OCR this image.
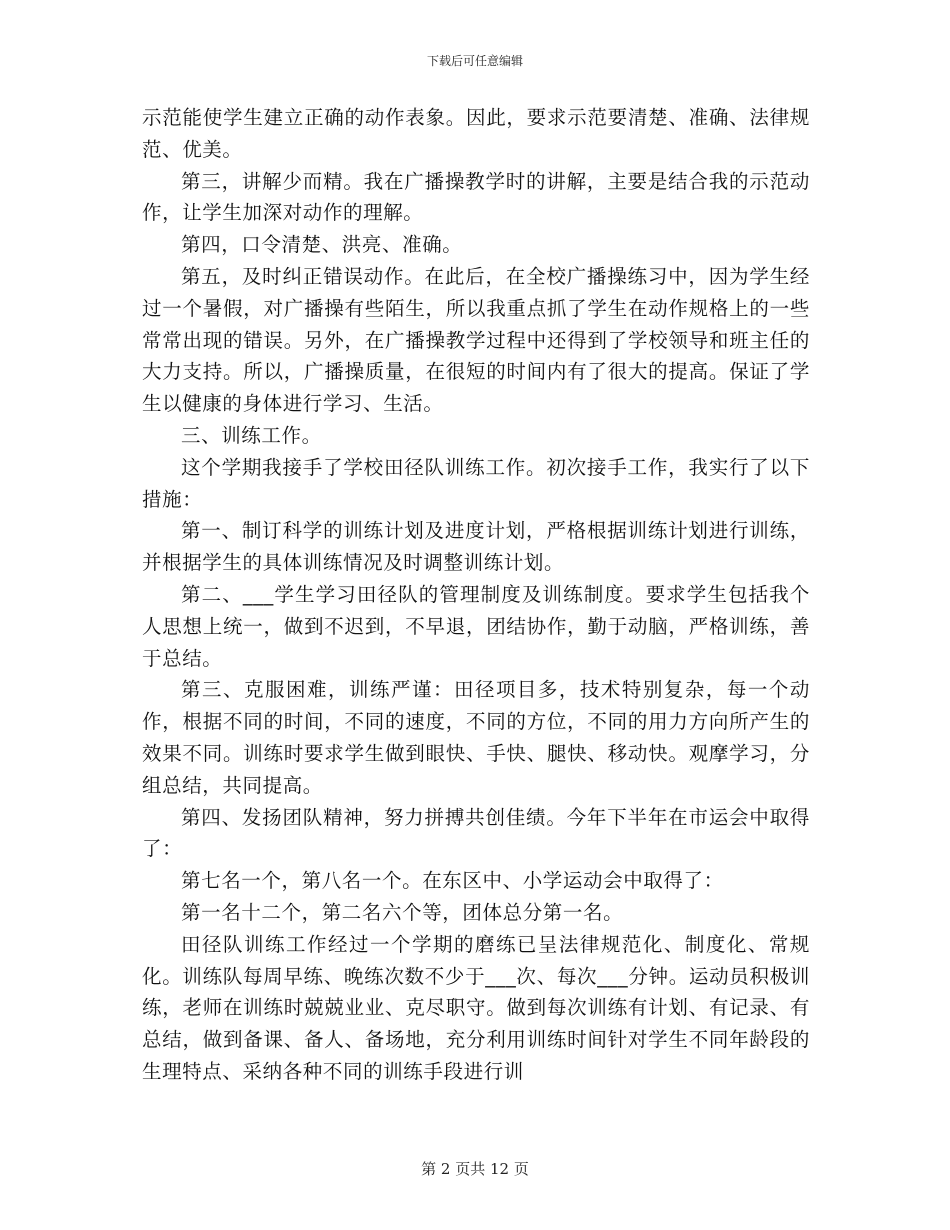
下载后可任意编辑

示范能使学生建立正确的动作表象。因此，要求示范要清楚、准确、法律规范、优美。

第三，讲解少而精。我在广播操教学时的讲解，主要是结合我的示范动作，让学生加深对动作的理解。

第四，口令清楚、洪亮、准确。

第五，及时纠正错误动作。在此后，在全校广播操练习中，因为学生经过一个暑假，对广播操有些陌生，所以我重点抓了学生在动作规格上的一些常常出现的错误。另外，在广播操教学过程中还得到了学校领导和班主任的大力支持。所以，广播操质量，在很短的时间内有了很大的提高。保证了学生以健康的身体进行学习、生活。

三、训练工作。

这个学期我接手了学校田径队训练工作。初次接手工作，我实行了以下措施：

第一、制订科学的训练计划及进度计划，严格根据训练计划进行训练，并根据学生的具体训练情况及时调整训练计划。

第二、___学生学习田径队的管理制度及训练制度。要求学生包括我个人思想上统一，做到不迟到，不早退，团结协作，勤于动脑，严格训练，善于总结。

第三、克服困难，训练严谨：田径项目多，技术特别复杂，每一个动作，根据不同的时间，不同的速度，不同的方位，不同的用力方向所产生的效果不同。训练时要求学生做到眼快、手快、腿快、移动快。观摩学习，分组总结，共同提高。

第四、发扬团队精神，努力拼搏共创佳绩。今年下半年在市运会中取得了：

第七名一个，第八名一个。在东区中、小学运动会中取得了：

第一名十二个，第二名六个等，团体总分第一名。

田径队训练工作经过一个学期的磨练已呈法律规范化、制度化、常规化。训练队每周早练、晚练次数不少于___次、每次___分钟。运动员积极训练，老师在训练时兢兢业业、克尽职守。做到每次训练有计划、有记录、有总结，做到备课、备人、备场地，充分利用训练时间针对学生不同年龄段的生理特点、采纳各种不同的训练手段进行训

第 2 页共 12 页
